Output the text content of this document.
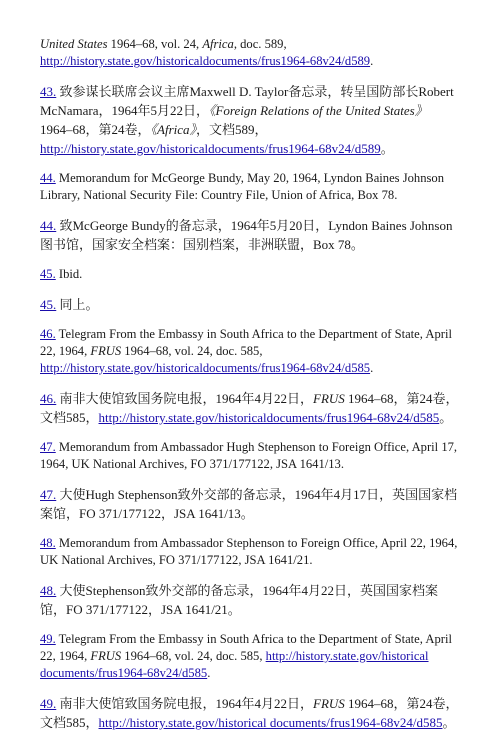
United States 1964–68, vol. 24, Africa, doc. 589,
http://history.state.gov/historicaldocuments/frus1964-68v24/d589.

43. 致参谋长联席会议主席Maxwell D. Taylor备忘录，转呈国防部长Robert McNamara，1964年5月22日，《Foreign Relations of the United States》 1964–68，第24卷，《Africa》，文档589，
http://history.state.gov/historicaldocuments/frus1964-68v24/d589。

44. Memorandum for McGeorge Bundy, May 20, 1964, Lyndon Baines Johnson Library, National Security File: Country File, Union of Africa, Box 78.

44. 致McGeorge Bundy的备忘录，1964年5月20日，Lyndon Baines Johnson图书馆，国家安全档案：国别档案，非洲联盟，Box 78。

45. Ibid.

45. 同上。

46. Telegram From the Embassy in South Africa to the Department of State, April 22, 1964, FRUS 1964–68, vol. 24, doc. 585,
http://history.state.gov/historicaldocuments/frus1964-68v24/d585.

46. 南非大使馆致国务院电报，1964年4月22日，FRUS 1964–68，第24卷，文档585，http://history.state.gov/historicaldocuments/frus1964-68v24/d585。

47. Memorandum from Ambassador Hugh Stephenson to Foreign Office, April 17, 1964, UK National Archives, FO 371/177122, JSA 1641/13.

47. 大使Hugh Stephenson致外交部的备忘录，1964年4月17日，英国国家档案馆，FO 371/177122，JSA 1641/13。

48. Memorandum from Ambassador Stephenson to Foreign Office, April 22, 1964, UK National Archives, FO 371/177122, JSA 1641/21.

48. 大使Stephenson致外交部的备忘录，1964年4月22日，英国国家档案馆，FO 371/177122，JSA 1641/21。

49. Telegram From the Embassy in South Africa to the Department of State, April 22, 1964, FRUS 1964–68, vol. 24, doc. 585, http://history.state.gov/historical documents/frus1964-68v24/d585.

49. 南非大使馆致国务院电报，1964年4月22日，FRUS 1964–68，第24卷，文档585，http://history.state.gov/historical documents/frus1964-68v24/d585。
